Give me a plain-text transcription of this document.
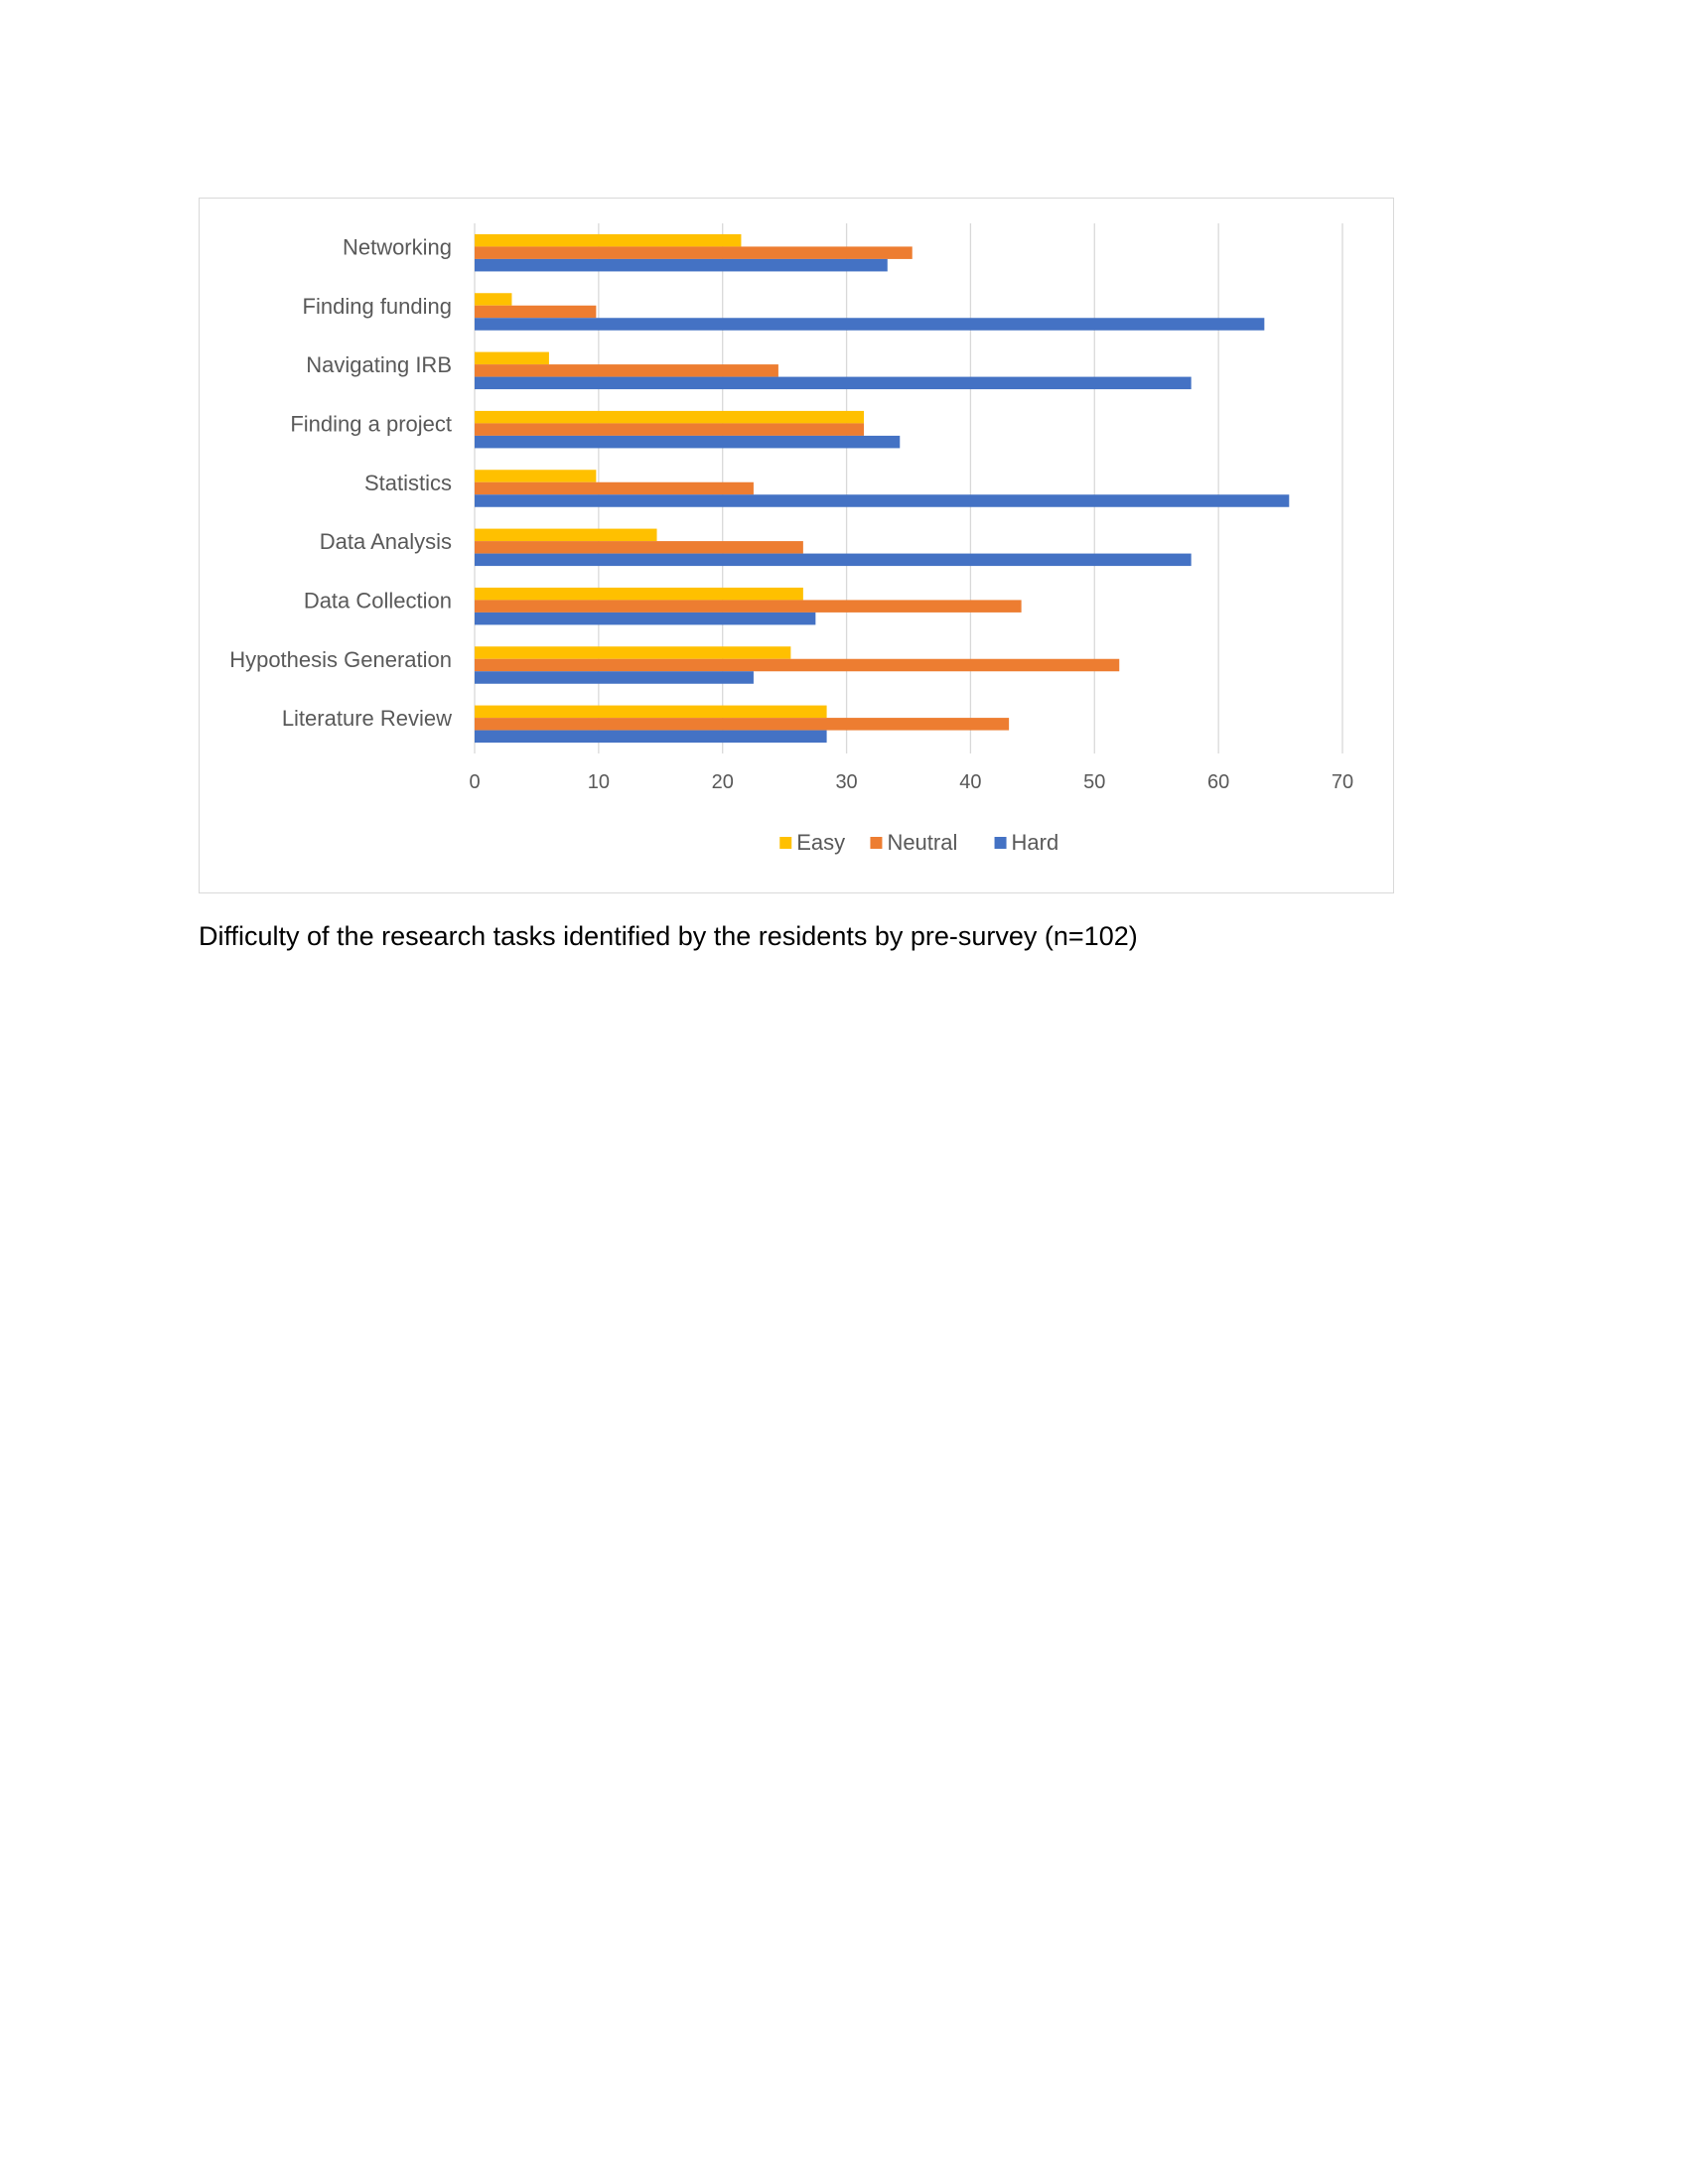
Networking
Finding funding
Navigating IRB
Finding a project
Statistics
Data Analysis
Data Collection
Hypothesis Generation
Literature Review
0	10	20	30	40	50	60	70
Easy Neutral Hard
Difficulty of the research tasks identified by the residents by pre-survey (n=102)
